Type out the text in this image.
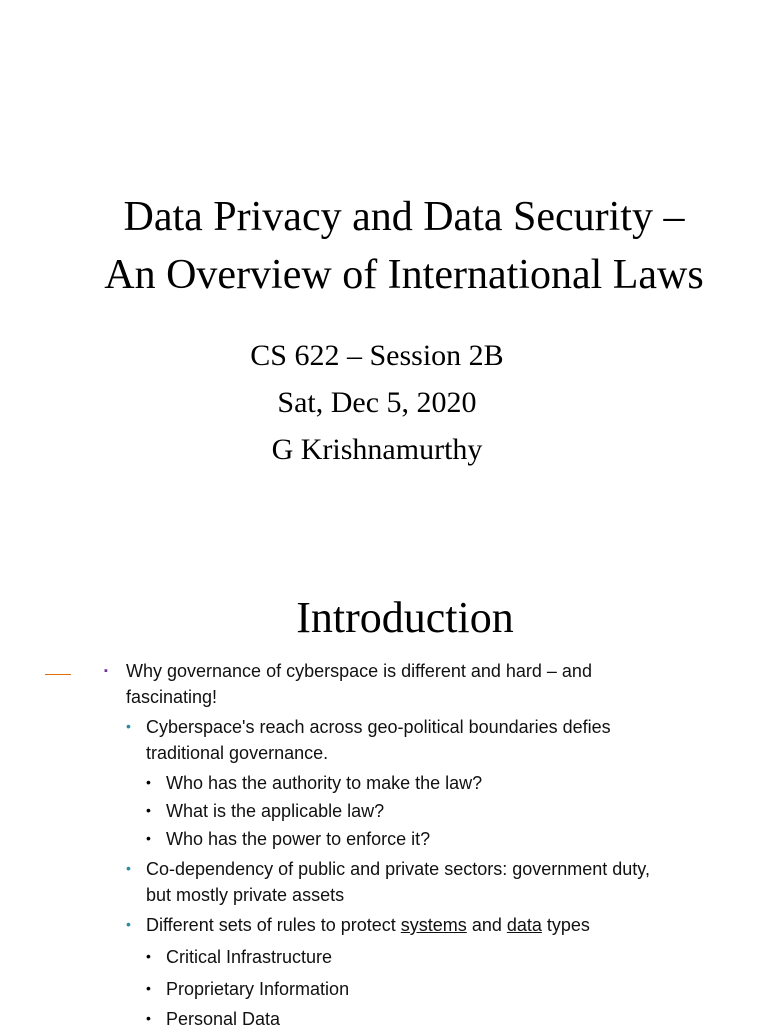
Data Privacy and Data Security –
An Overview of International Laws
CS 622 – Session 2B
Sat, Dec 5, 2020
G Krishnamurthy
Introduction
▪ Why governance of cyberspace is different and hard – and
fascinating!
• Cyberspace's reach across geo-political boundaries defies
traditional governance.
• Who has the authority to make the law?
• What is the applicable law?
• Who has the power to enforce it?
• Co-dependency of public and private sectors: government duty,
but mostly private assets
• Different sets of rules to protect systems and data types
• Critical Infrastructure
• Proprietary Information
• Personal Data
